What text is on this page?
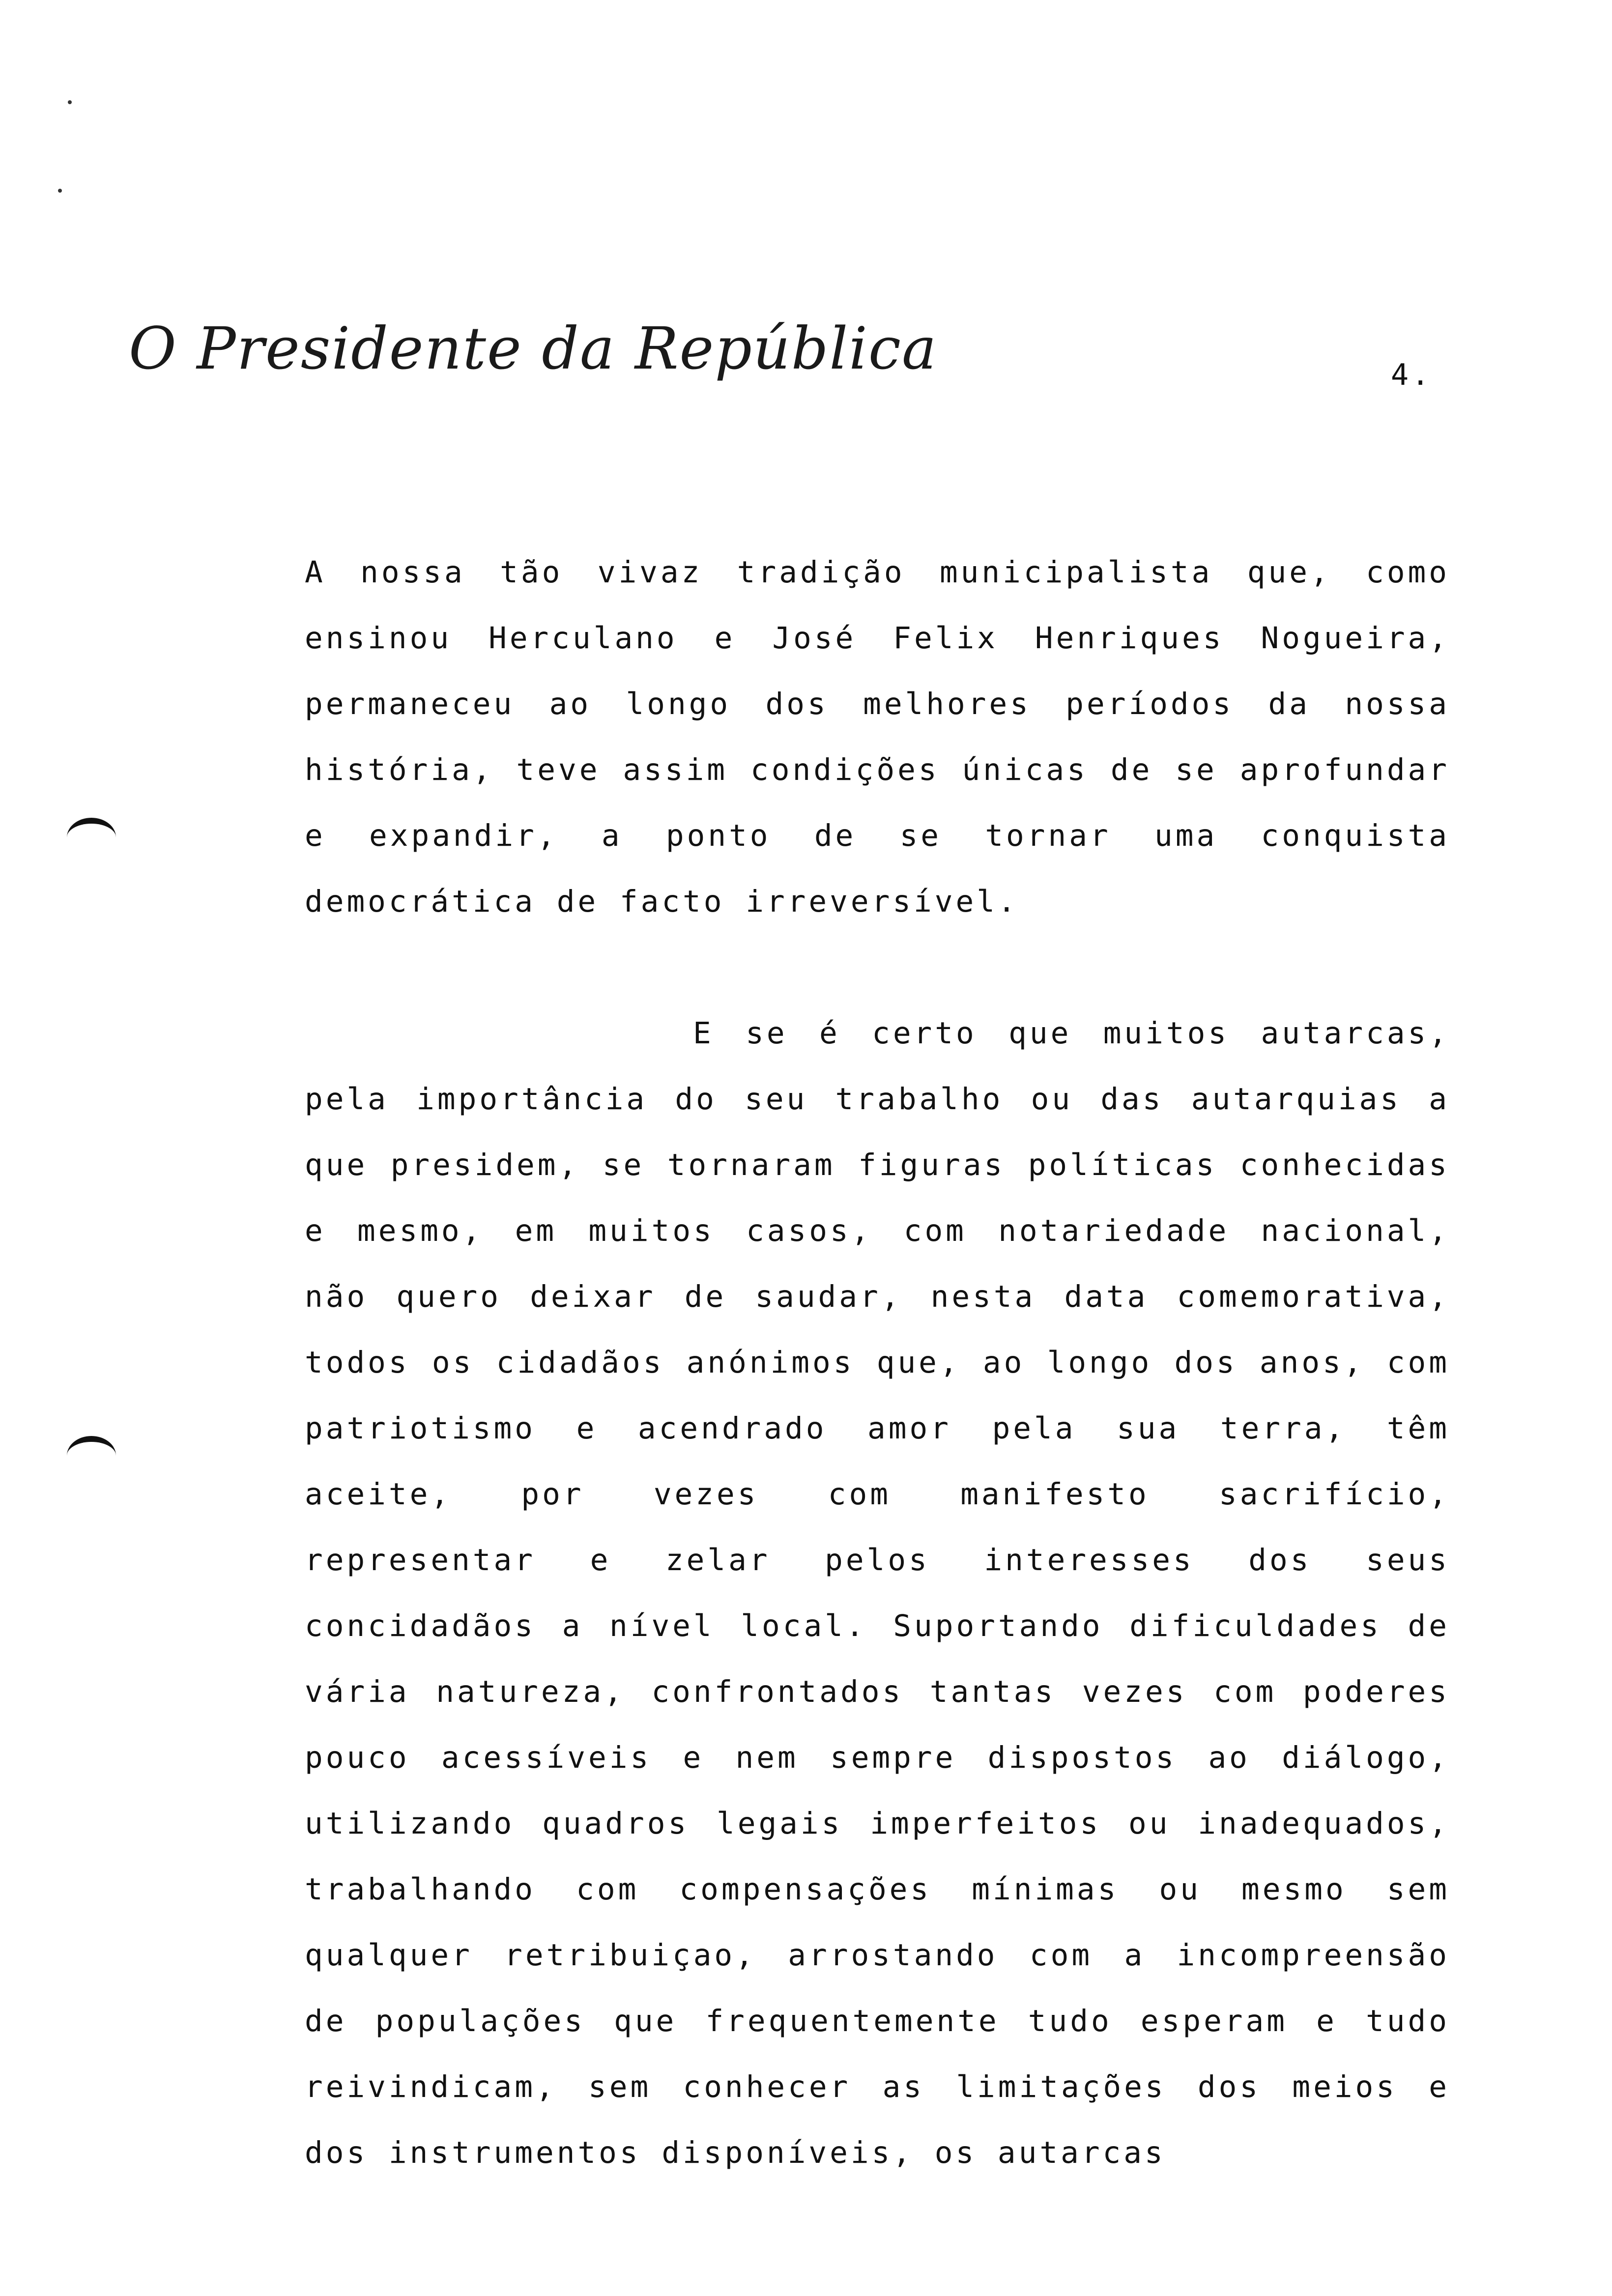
O Presidente da República	4.

A nossa tão vivaz tradição municipalista que, como ensinou Herculano e José Felix Henriques Nogueira, permaneceu ao longo dos melhores períodos da nossa história, teve assim condições únicas de se aprofundar e expandir, a ponto de se tornar uma conquista democrática de facto irreversível.

E se é certo que muitos autarcas, pela importância do seu trabalho ou das autarquias a que presidem, se tornaram figuras políticas conhecidas e mesmo, em muitos casos, com notariedade nacional, não quero deixar de saudar, nesta data comemorativa, todos os cidadãos anónimos que, ao longo dos anos, com patriotismo e acendrado amor pela sua terra, têm aceite, por vezes com manifesto sacrifício, representar e zelar pelos interesses dos seus concidadãos a nível local. Suportando dificuldades de vária natureza, confrontados tantas vezes com poderes pouco acessíveis e nem sempre dispostos ao diálogo, utilizando quadros legais imperfeitos ou inadequados, trabalhando com compensações mínimas ou mesmo sem qualquer retribuiçao, arrostando com a incompreensão de populações que frequentemente tudo esperam e tudo reivindicam, sem conhecer as limitações dos meios e dos instrumentos disponíveis, os autarcas
